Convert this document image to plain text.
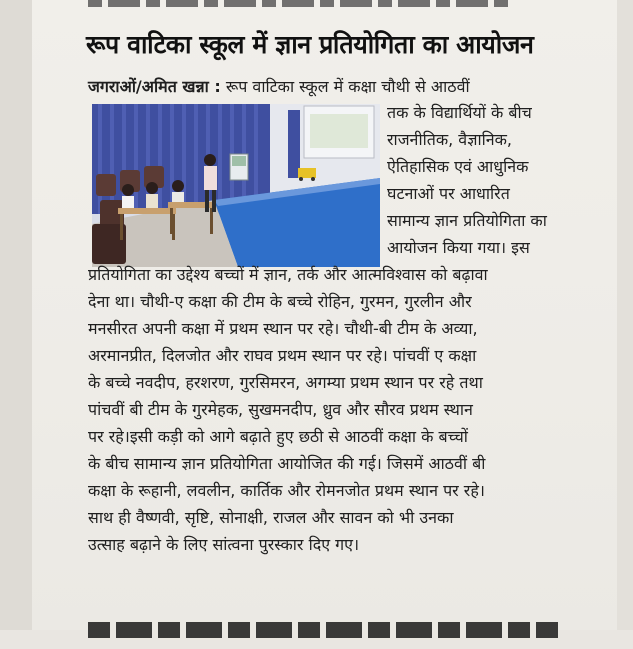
रूप वाटिका स्कूल में ज्ञान प्रतियोगिता का आयोजन
जगराओं/अमित खन्ना : रूप वाटिका स्कूल में कक्षा चौथी से आठवीं
तक के विद्यार्थियों के बीच
राजनीतिक, वैज्ञानिक,
ऐतिहासिक एवं आधुनिक
घटनाओं पर आधारित
सामान्य ज्ञान प्रतियोगिता का
आयोजन किया गया। इस
प्रतियोगिता का उद्देश्य बच्चों में ज्ञान, तर्क और आत्मविश्वास को बढ़ावा
देना था। चौथी-ए कक्षा की टीम के बच्चे रोहिन, गुरमन, गुरलीन और
मनसीरत अपनी कक्षा में प्रथम स्थान पर रहे। चौथी-बी टीम के अव्या,
अरमानप्रीत, दिलजोत और राघव प्रथम स्थान पर रहे। पांचवीं ए कक्षा
के बच्चे नवदीप, हरशरण, गुरसिमरन, अगम्या प्रथम स्थान पर रहे तथा
पांचवीं बी टीम के गुरमेहक, सुखमनदीप, ध्रुव और सौरव प्रथम स्थान
पर रहे।इसी कड़ी को आगे बढ़ाते हुए छठी से आठवीं कक्षा के बच्चों
के बीच सामान्य ज्ञान प्रतियोगिता आयोजित की गई। जिसमें आठवीं बी
कक्षा के रूहानी, लवलीन, कार्तिक और रोमनजोत प्रथम स्थान पर रहे।
साथ ही वैष्णवी, सृष्टि, सोनाक्षी, राजल और सावन को भी उनका
उत्साह बढ़ाने के लिए सांत्वना पुरस्कार दिए गए।
